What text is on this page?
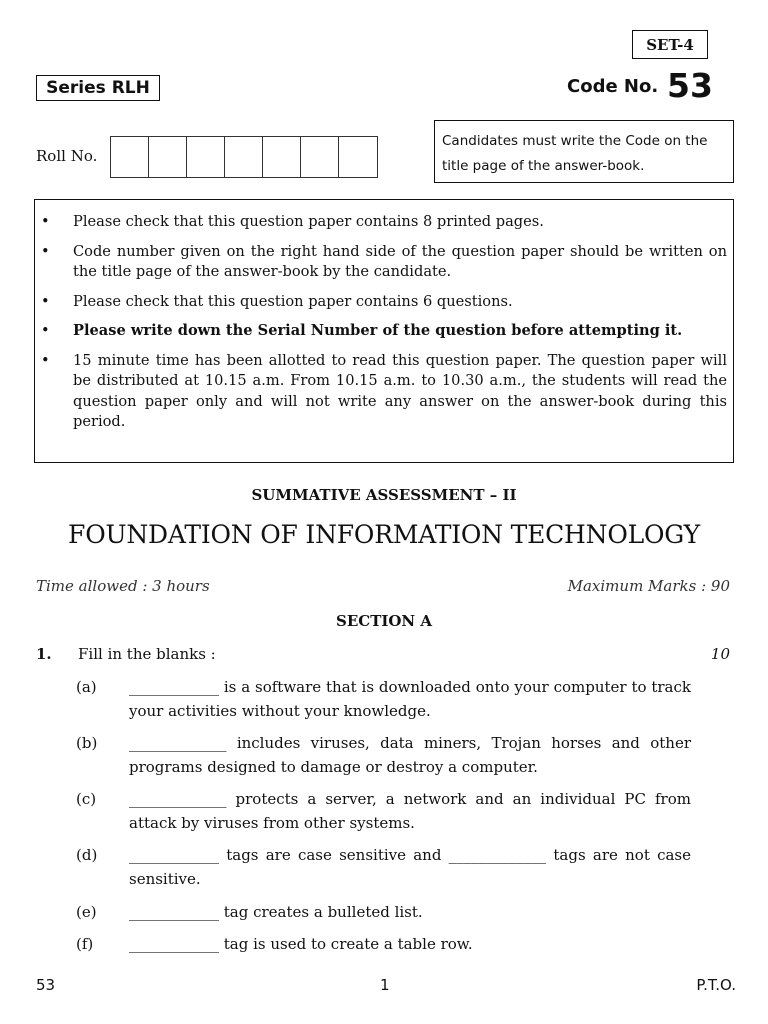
SET-4
Series RLH	Code No. 53
Roll No.
Candidates must write the Code on the title page of the answer-book.
•	Please check that this question paper contains 8 printed pages.
•	Code number given on the right hand side of the question paper should be written on the title page of the answer-book by the candidate.
•	Please check that this question paper contains 6 questions.
•	Please write down the Serial Number of the question before attempting it.
•	15 minute time has been allotted to read this question paper. The question paper will be distributed at 10.15 a.m. From 10.15 a.m. to 10.30 a.m., the students will read the question paper only and will not write any answer on the answer-book during this period.
SUMMATIVE ASSESSMENT – II
FOUNDATION OF INFORMATION TECHNOLOGY
Time allowed : 3 hours	Maximum Marks : 90
SECTION A
1. Fill in the blanks :	10
(a) ____________ is a software that is downloaded onto your computer to track your activities without your knowledge.
(b) _____________ includes viruses, data miners, Trojan horses and other programs designed to damage or destroy a computer.
(c) _____________ protects a server, a network and an individual PC from attack by viruses from other systems.
(d) ____________ tags are case sensitive and _____________ tags are not case sensitive.
(e) ____________ tag creates a bulleted list.
(f) ____________ tag is used to create a table row.
53	1	P.T.O.
